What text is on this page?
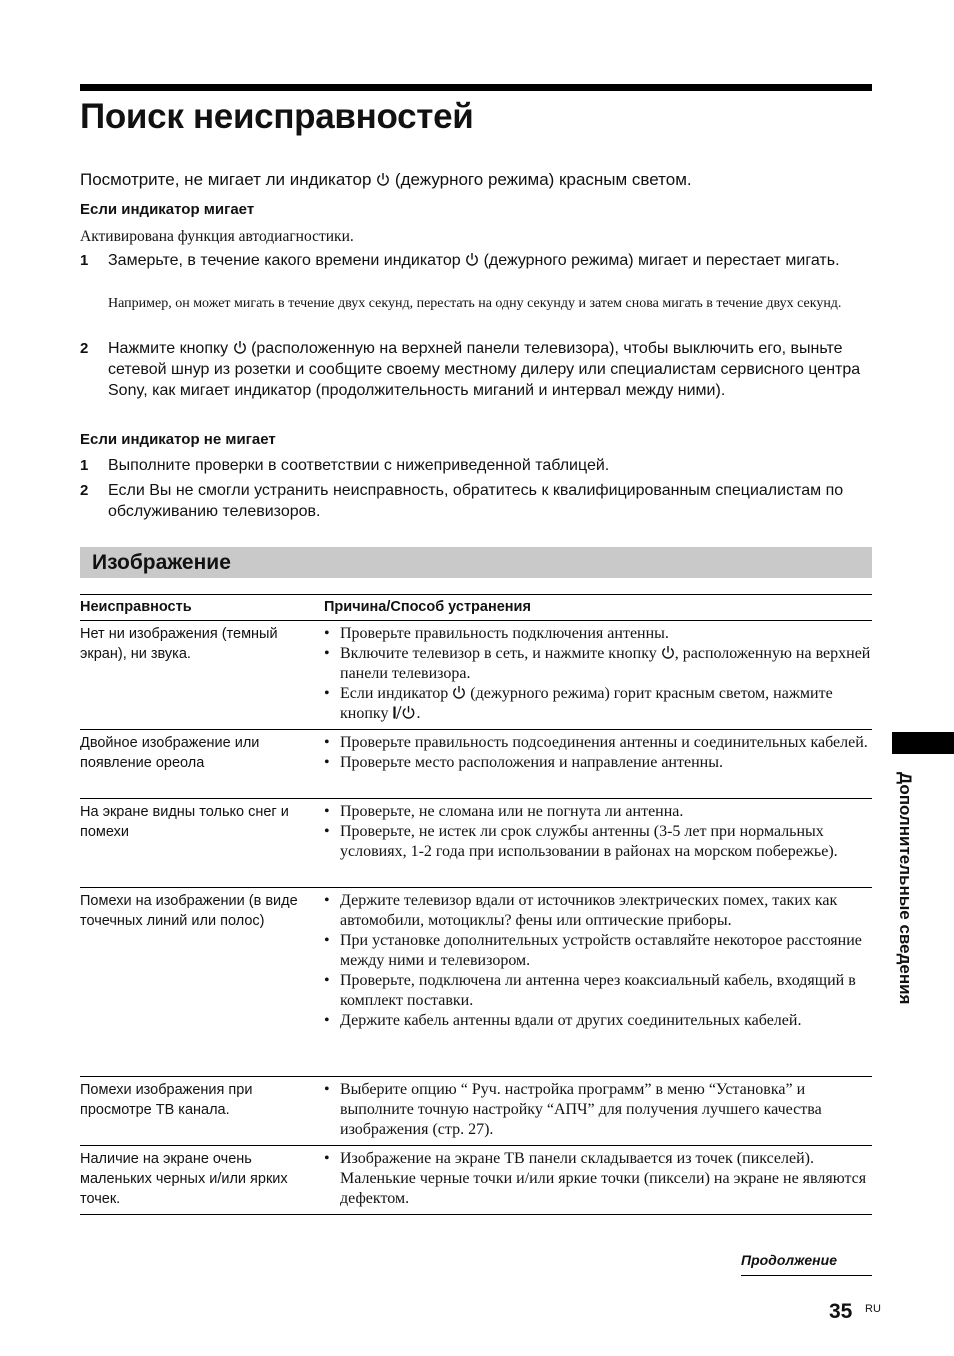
Поиск неисправностей

Посмотрите, не мигает ли индикатор (дежурного режима) красным светом.

Если индикатор мигает
Активирована функция автодиагностики.
1	Замерьте, в течение какого времени индикатор (дежурного режима) мигает и перестает мигать.
Например, он может мигать в течение двух секунд, перестать на одну секунду и затем снова мигать в течение двух секунд.
2	Нажмите кнопку (расположенную на верхней панели телевизора), чтобы выключить его, выньте сетевой шнур из розетки и сообщите своему местному дилеру или специалистам сервисного центра Sony, как мигает индикатор (продолжительность миганий и интервал между ними).
Если индикатор не мигает
1	Выполните проверки в соответствии с нижеприведенной таблицей.
2	Если Вы не смогли устранить неисправность, обратитесь к квалифицированным специалистам по обслуживанию телевизоров.
Изображение
Неисправность	Причина/Способ устранения
Нет ни изображения (темный экран), ни звука.
• Проверьте правильность подключения антенны.
• Включите телевизор в сеть, и нажмите кнопку , расположенную на верхней панели телевизора.
• Если индикатор (дежурного режима) горит красным светом, нажмите кнопку .
Двойное изображение или появление ореола
• Проверьте правильность подсоединения антенны и соединительных кабелей.
• Проверьте место расположения и направление антенны.
На экране видны только снег и помехи
• Проверьте, не сломана или не погнута ли антенна.
• Проверьте, не истек ли срок службы антенны (3-5 лет при нормальных условиях, 1-2 года при использовании в районах на морском побережье).
Помехи на изображении (в виде точечных линий или полос)
• Держите телевизор вдали от источников электрических помех, таких как автомобили, мотоциклы? фены или оптические приборы.
• При установке дополнительных устройств оставляйте некоторое расстояние между ними и телевизором.
• Проверьте, подключена ли антенна через коаксиальный кабель, входящий в комплект поставки.
• Держите кабель антенны вдали от других соединительных кабелей.
Помехи изображения при просмотре ТВ канала.
• Выберите опцию “ Руч. настройка программ” в меню “Установка” и выполните точную настройку “АПЧ” для получения лучшего качества изображения (стр. 27).
Наличие на экране очень маленьких черных и/или ярких точек.
• Изображение на экране ТВ панели складывается из точек (пикселей). Маленькие черные точки и/или яркие точки (пиксели) на экране не являются дефектом.
Дополнительные сведения
Продолжение
35 RU
